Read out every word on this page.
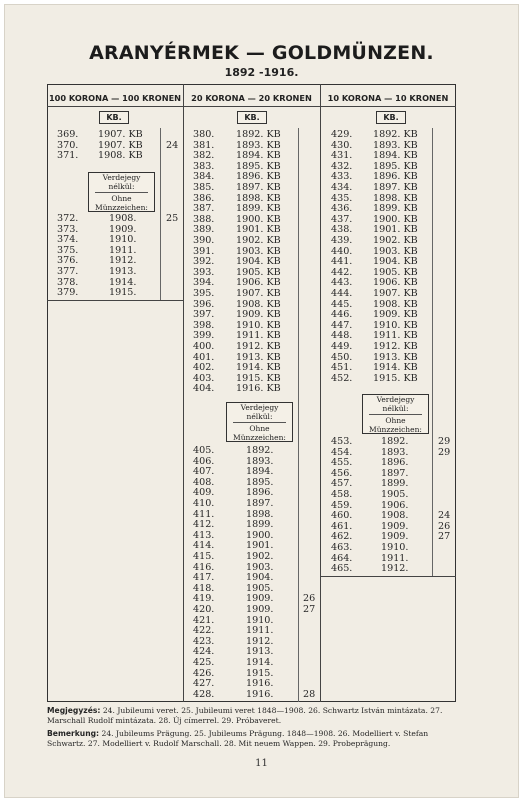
ARANYÉRMEK — GOLDMÜNZEN.
1892 -1916.
100 KORONA — 100 KRONEN	20 KORONA — 20 KRONEN	10 KORONA — 10 KRONEN
KB.	KB.	KB.
Verdejegy
nélkül:
Ohne
Münzzeichen:
Verdejegy
nélkül:
Ohne
Münzzeichen:
Verdejegy
nélkül:
Ohne
Münzzeichen:
369. 1907. KB
370. 1907. KB 24
371. 1908. KB
372.	1908.	25
373.	1909.
374.	1910.
375.	1911.
376.	1912.
377.	1913.
378.	1914.
379.	1915.
380. 1892. KB
381. 1893. KB
382. 1894. KB
383. 1895. KB
384. 1896. KB
385. 1897. KB
386. 1898. KB
387. 1899. KB
388. 1900. KB
389. 1901. KB
390. 1902. KB
391. 1903. KB
392. 1904. KB
393. 1905. KB
394. 1906. KB
395. 1907. KB
396. 1908. KB
397. 1909. KB
398. 1910. KB
399. 1911. KB
400. 1912. KB
401. 1913. KB
402. 1914. KB
403. 1915. KB
404. 1916. KB
405.	1892.
406.	1893.
407.	1894.
408.	1895.
409.	1896.
410.	1897.
411.	1898.
412.	1899.
413.	1900.
414.	1901.
415.	1902.
416.	1903.
417.	1904.
418.	1905.
419.	1909.	26
420.	1909.	27
421.	1910.
422.	1911.
423.	1912.
424.	1913.
425.	1914.
426.	1915.
427.	1916.
428.	1916.	28
429. 1892. KB
430. 1893. KB
431. 1894. KB
432. 1895. KB
433. 1896. KB
434. 1897. KB
435. 1898. KB
436. 1899. KB
437. 1900. KB
438. 1901. KB
439. 1902. KB
440. 1903. KB
441. 1904. KB
442. 1905. KB
443. 1906. KB
444. 1907. KB
445. 1908. KB
446. 1909. KB
447. 1910. KB
448. 1911. KB
449. 1912. KB
450. 1913. KB
451. 1914. KB
452. 1915. KB
453.	1892.	29
454.	1893.	29
455.	1896.
456.	1897.
457.	1899.
458.	1905.
459.	1906.
460.	1908.	24
461.	1909.	26
462.	1909.	27
463.	1910.
464.	1911.
465.	1912.
Megjegyzés: 24. Jubileumi veret. 25. Jubileumi veret 1848—1908. 26. Schwartz István mintázata. 27. Marschall Rudolf mintázata. 28. Új címerrel. 29. Próbaveret.
Bemerkung: 24. Jubileums Prägung. 25. Jubileums Prägung. 1848—1908. 26. Modelliert v. Stefan Schwartz. 27. Modelliert v. Rudolf Marschall. 28. Mit neuem Wappen. 29. Probeprägung.
11
